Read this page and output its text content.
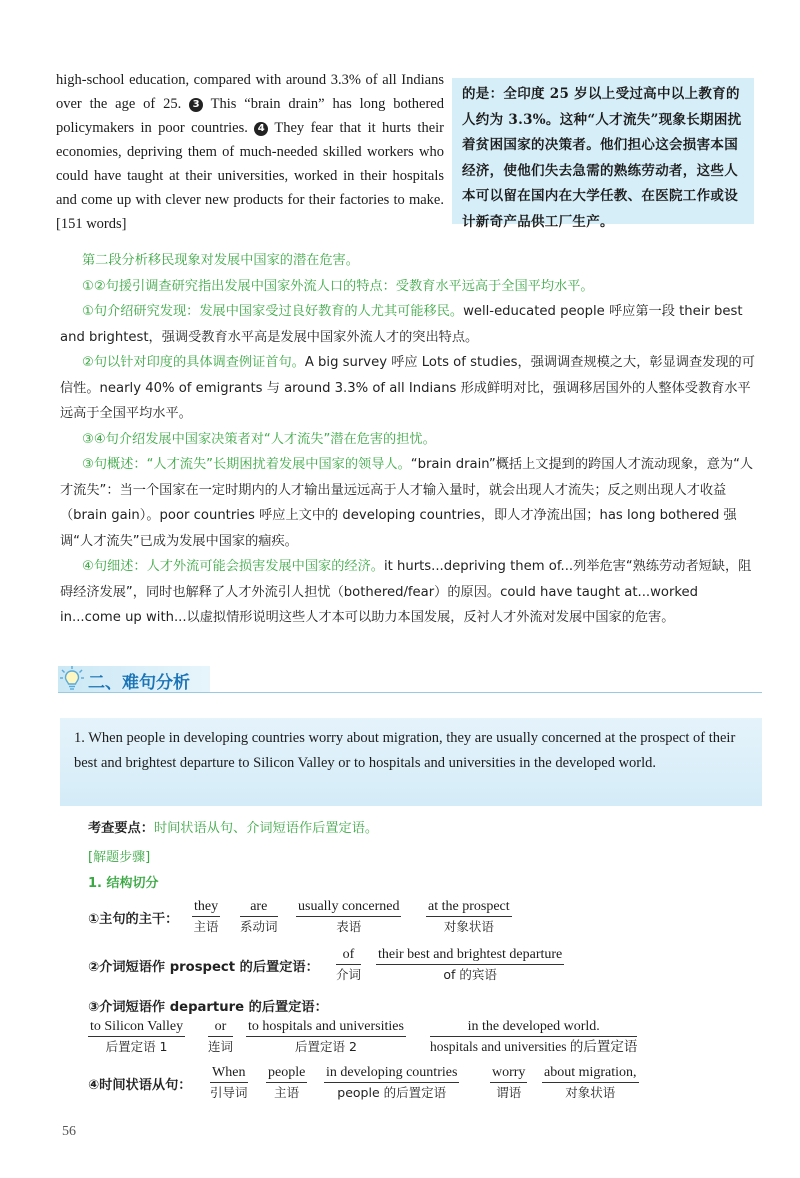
high-school education, compared with around 3.3% of all Indians over the age of 25. 3 This “brain drain” has long bothered policymakers in poor countries. 4 They fear that it hurts their economies, depriving them of much-needed skilled workers who could have taught at their universities, worked in their hospitals and come up with clever new products for their factories to make. [151 words]

的是：全印度 25 岁以上受过高中以上教育的人约为 3.3%。这种“人才流失”现象长期困扰着贫困国家的决策者。他们担心这会损害本国经济，使他们失去急需的熟练劳动者，这些人本可以留在国内在大学任教、在医院工作或设计新奇产品供工厂生产。

第二段分析移民现象对发展中国家的潜在危害。

①②句援引调查研究指出发展中国家外流人口的特点：受教育水平远高于全国平均水平。

①句介绍研究发现：发展中国家受过良好教育的人尤其可能移民。well-educated people 呼应第一段 their best and brightest，强调受教育水平高是发展中国家外流人才的突出特点。

②句以针对印度的具体调查例证首句。A big survey 呼应 Lots of studies，强调调查规模之大，彰显调查发现的可信性。nearly 40% of emigrants 与 around 3.3% of all Indians 形成鲜明对比，强调移居国外的人整体受教育水平远高于全国平均水平。

③④句介绍发展中国家决策者对“人才流失”潜在危害的担忧。

③句概述：“人才流失”长期困扰着发展中国家的领导人。“brain drain”概括上文提到的跨国人才流动现象，意为“人才流失”：当一个国家在一定时期内的人才输出量远远高于人才输入量时，就会出现人才流失；反之则出现人才收益（brain gain）。poor countries 呼应上文中的 developing countries，即人才净流出国；has long bothered 强调“人才流失”已成为发展中国家的痼疾。

④句细述：人才外流可能会损害发展中国家的经济。it hurts...depriving them of...列举危害“熟练劳动者短缺，阻碍经济发展”，同时也解释了人才外流引人担忧（bothered/fear）的原因。could have taught at...worked in...come up with...以虚拟情形说明这些人才本可以助力本国发展，反衬人才外流对发展中国家的危害。

二、难句分析
1. When people in developing countries worry about migration, they are usually concerned at the prospect of their best and brightest departure to Silicon Valley or to hospitals and universities in the developed world.
考查要点：时间状语从句、介词短语作后置定语。
[解题步骤]
1. 结构切分
①主句的主干：
they
主语
are
系动词
usually concerned
表语
at the prospect
对象状语
②介词短语作 prospect 的后置定语：
of
介词
their best and brightest departure
of 的宾语
③介词短语作 departure 的后置定语：
to Silicon Valley
后置定语 1
or
连词
to hospitals and universities
后置定语 2
in the developed world.
hospitals and universities 的后置定语
④时间状语从句：
When
引导词
people
主语
in developing countries
people 的后置定语
worry
谓语
about migration,
对象状语
56
